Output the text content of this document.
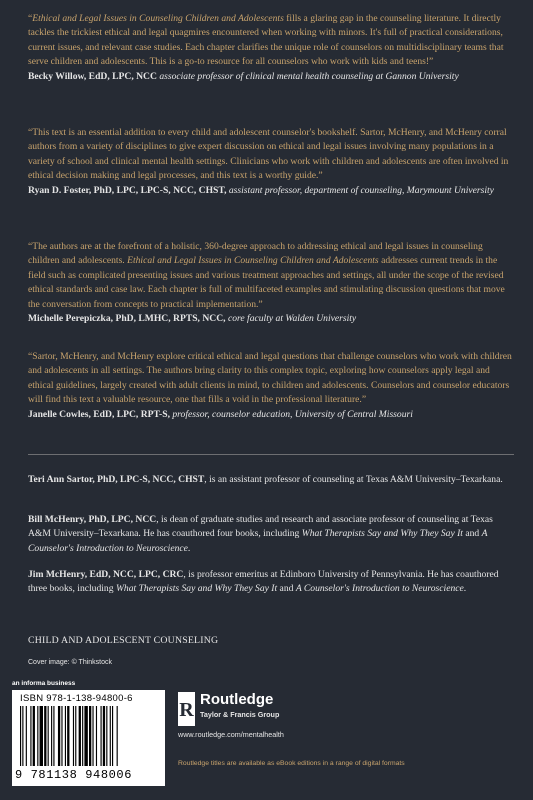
“Ethical and Legal Issues in Counseling Children and Adolescents fills a glaring gap in the counseling literature. It directly tackles the trickiest ethical and legal quagmires encountered when working with minors. It's full of practical considerations, current issues, and relevant case studies. Each chapter clarifies the unique role of counselors on multidisciplinary teams that serve children and adolescents. This is a go-to resource for all counselors who work with kids and teens!”

Becky Willow, EdD, LPC, NCC associate professor of clinical mental health counseling at Gannon University

“This text is an essential addition to every child and adolescent counselor's bookshelf. Sartor, McHenry, and McHenry corral authors from a variety of disciplines to give expert discussion on ethical and legal issues involving many populations in a variety of school and clinical mental health settings. Clinicians who work with children and adolescents are often involved in ethical decision making and legal processes, and this text is a worthy guide.”

Ryan D. Foster, PhD, LPC, LPC-S, NCC, CHST, assistant professor, department of counseling, Marymount University

“The authors are at the forefront of a holistic, 360-degree approach to addressing ethical and legal issues in counseling children and adolescents. Ethical and Legal Issues in Counseling Children and Adolescents addresses current trends in the field such as complicated presenting issues and various treatment approaches and settings, all under the scope of the revised ethical standards and case law. Each chapter is full of multifaceted examples and stimulating discussion questions that move the conversation from concepts to practical implementation.”

Michelle Perepiczka, PhD, LMHC, RPTS, NCC, core faculty at Walden University

“Sartor, McHenry, and McHenry explore critical ethical and legal questions that challenge counselors who work with children and adolescents in all settings. The authors bring clarity to this complex topic, exploring how counselors apply legal and ethical guidelines, largely created with adult clients in mind, to children and adolescents. Counselors and counselor educators will find this text a valuable resource, one that fills a void in the professional literature.”

Janelle Cowles, EdD, LPC, RPT-S, professor, counselor education, University of Central Missouri

Teri Ann Sartor, PhD, LPC-S, NCC, CHST, is an assistant professor of counseling at Texas A&M University–Texarkana.
Bill McHenry, PhD, LPC, NCC, is dean of graduate studies and research and associate professor of counseling at Texas A&M University–Texarkana. He has coauthored four books, including What Therapists Say and Why They Say It and A Counselor's Introduction to Neuroscience.
Jim McHenry, EdD, NCC, LPC, CRC, is professor emeritus at Edinboro University of Pennsylvania. He has coauthored three books, including What Therapists Say and Why They Say It and A Counselor's Introduction to Neuroscience.
CHILD AND ADOLESCENT COUNSELING
Cover image: © Thinkstock
an informa business
ISBN 978-1-138-94800-6
9 781138 948006
R Routledge
Taylor & Francis Group
www.routledge.com/mentalhealth
Routledge titles are available as eBook editions in a range of digital formats
